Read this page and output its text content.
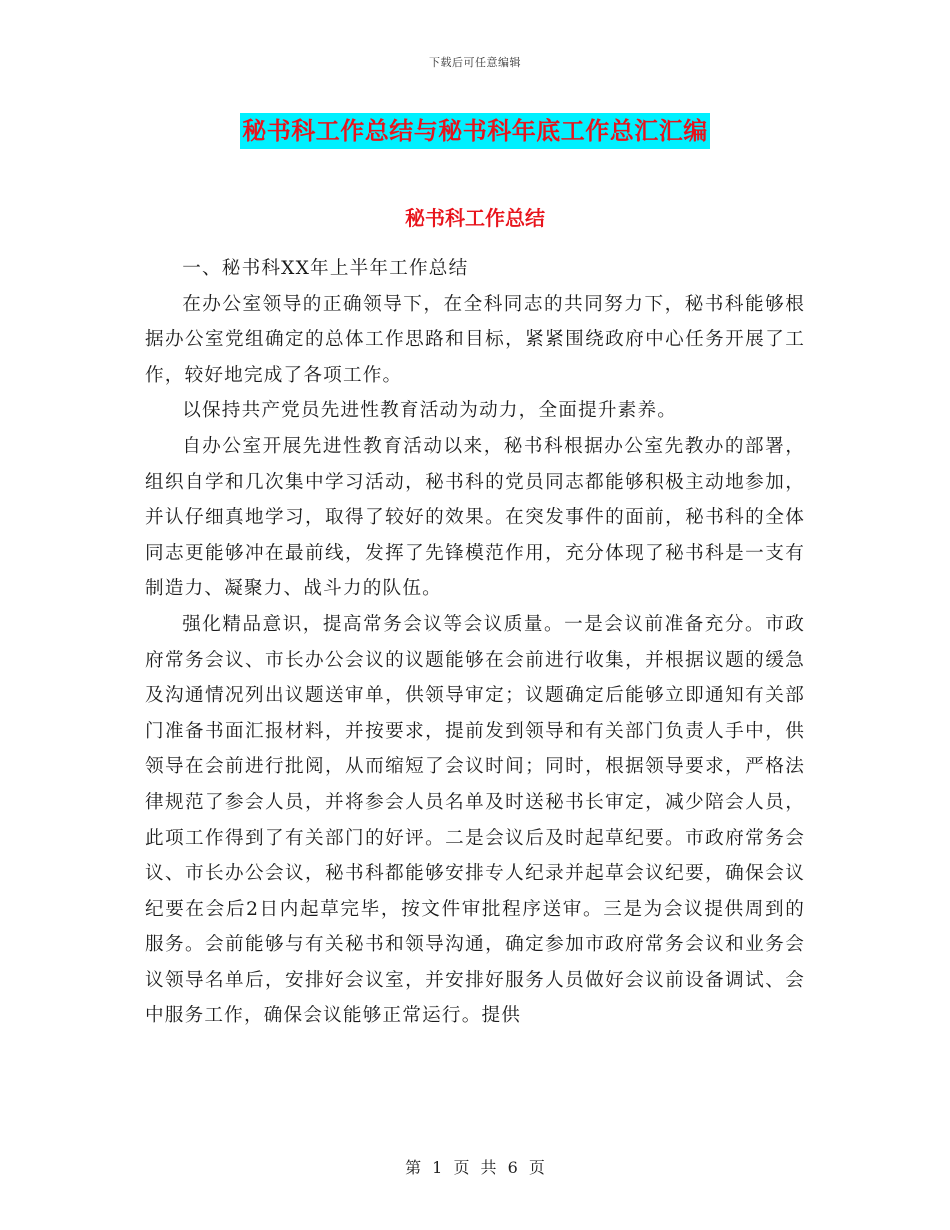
下载后可任意编辑
秘书科工作总结与秘书科年底工作总汇汇编
秘书科工作总结

一、秘书科XX年上半年工作总结

在办公室领导的正确领导下，在全科同志的共同努力下，秘书科能够根据办公室党组确定的总体工作思路和目标，紧紧围绕政府中心任务开展了工作，较好地完成了各项工作。

以保持共产党员先进性教育活动为动力，全面提升素养。

自办公室开展先进性教育活动以来，秘书科根据办公室先教办的部署，组织自学和几次集中学习活动，秘书科的党员同志都能够积极主动地参加，并认仔细真地学习，取得了较好的效果。在突发事件的面前，秘书科的全体同志更能够冲在最前线，发挥了先锋模范作用，充分体现了秘书科是一支有制造力、凝聚力、战斗力的队伍。

强化精品意识，提高常务会议等会议质量。一是会议前准备充分。市政府常务会议、市长办公会议的议题能够在会前进行收集，并根据议题的缓急及沟通情况列出议题送审单，供领导审定；议题确定后能够立即通知有关部门准备书面汇报材料，并按要求，提前发到领导和有关部门负责人手中，供领导在会前进行批阅，从而缩短了会议时间；同时，根据领导要求，严格法律规范了参会人员，并将参会人员名单及时送秘书长审定，减少陪会人员，此项工作得到了有关部门的好评。二是会议后及时起草纪要。市政府常务会议、市长办公会议，秘书科都能够安排专人纪录并起草会议纪要，确保会议纪要在会后2日内起草完毕，按文件审批程序送审。三是为会议提供周到的服务。会前能够与有关秘书和领导沟通，确定参加市政府常务会议和业务会议领导名单后，安排好会议室，并安排好服务人员做好会议前设备调试、会中服务工作，确保会议能够正常运行。提供

第 1 页 共 6 页
